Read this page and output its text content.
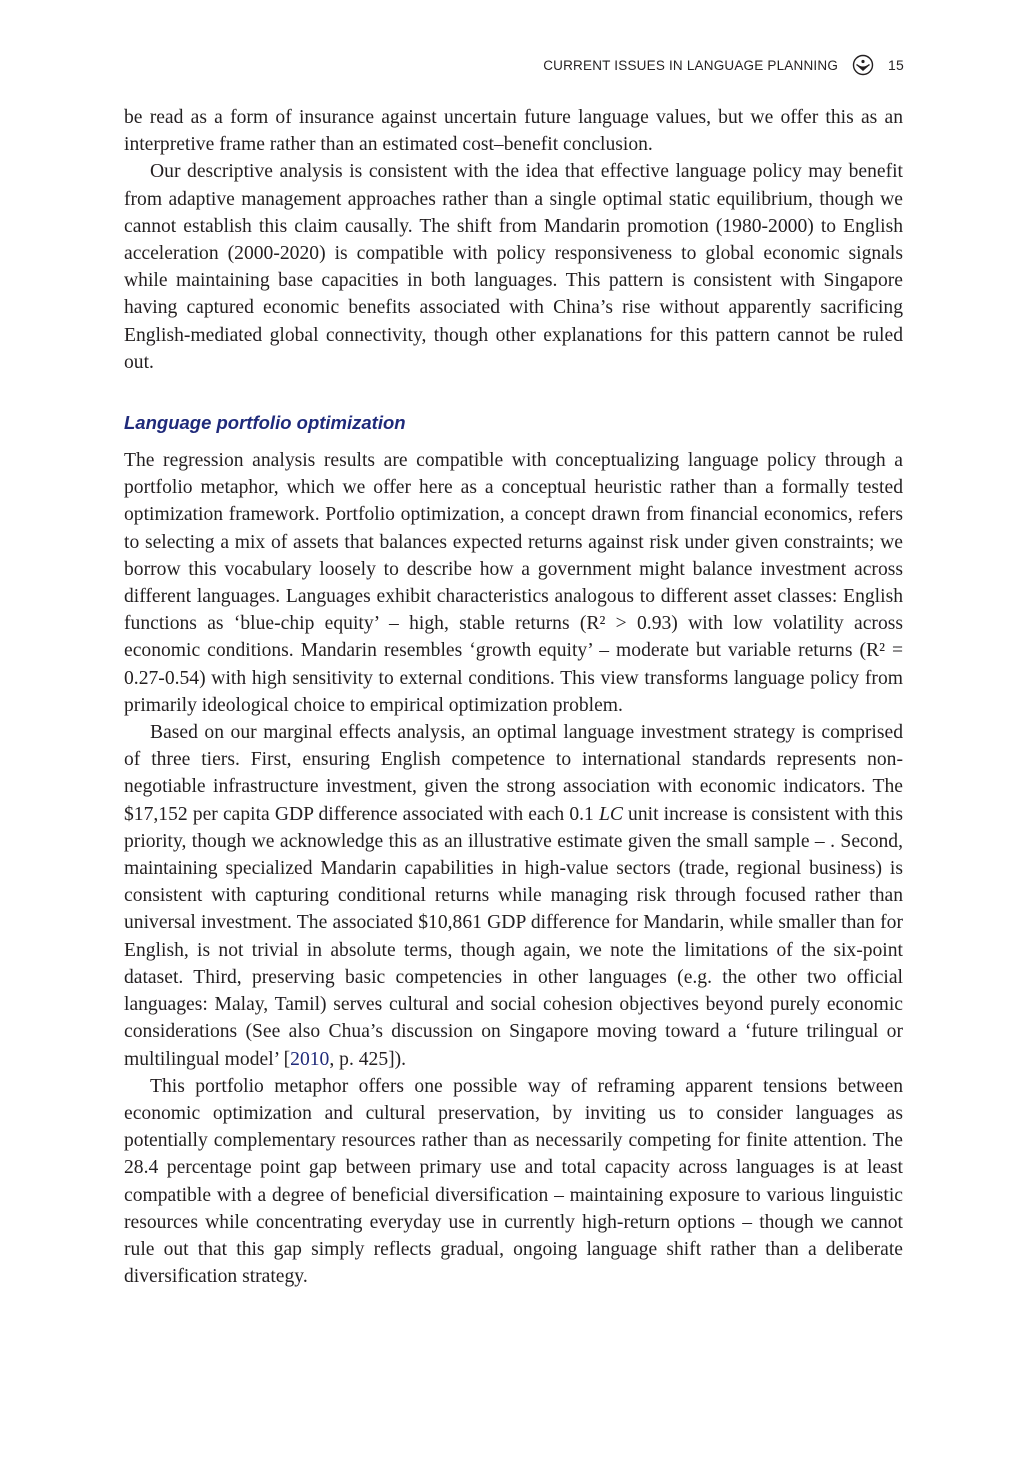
CURRENT ISSUES IN LANGUAGE PLANNING	15

be read as a form of insurance against uncertain future language values, but we offer this as an interpretive frame rather than an estimated cost–benefit conclusion.

Our descriptive analysis is consistent with the idea that effective language policy may benefit from adaptive management approaches rather than a single optimal static equilibrium, though we cannot establish this claim causally. The shift from Mandarin promotion (1980-2000) to English acceleration (2000-2020) is compatible with policy responsiveness to global economic signals while maintaining base capacities in both languages. This pattern is consistent with Singapore having captured economic benefits associated with China’s rise without apparently sacrificing English-mediated global connectivity, though other explanations for this pattern cannot be ruled out.

Language portfolio optimization

The regression analysis results are compatible with conceptualizing language policy through a portfolio metaphor, which we offer here as a conceptual heuristic rather than a formally tested optimization framework. Portfolio optimization, a concept drawn from financial economics, refers to selecting a mix of assets that balances expected returns against risk under given constraints; we borrow this vocabulary loosely to describe how a government might balance investment across different languages. Languages exhibit characteristics analogous to different asset classes: English functions as ‘blue-chip equity’ – high, stable returns (R² > 0.93) with low volatility across economic conditions. Mandarin resembles ‘growth equity’ – moderate but variable returns (R² = 0.27-0.54) with high sensitivity to external conditions. This view transforms language policy from primarily ideological choice to empirical optimization problem.

Based on our marginal effects analysis, an optimal language investment strategy is comprised of three tiers. First, ensuring English competence to international standards represents non-negotiable infrastructure investment, given the strong association with economic indicators. The $17,152 per capita GDP difference associated with each 0.1 LC unit increase is consistent with this priority, though we acknowledge this as an illustrative estimate given the small sample – . Second, maintaining specialized Mandarin capabilities in high-value sectors (trade, regional business) is consistent with capturing conditional returns while managing risk through focused rather than universal investment. The associated $10,861 GDP difference for Mandarin, while smaller than for English, is not trivial in absolute terms, though again, we note the limitations of the six-point dataset. Third, preserving basic competencies in other languages (e.g. the other two official languages: Malay, Tamil) serves cultural and social cohesion objectives beyond purely economic considerations (See also Chua’s discussion on Singapore moving toward a ‘future trilingual or multilingual model’ [2010, p. 425]).

This portfolio metaphor offers one possible way of reframing apparent tensions between economic optimization and cultural preservation, by inviting us to consider languages as potentially complementary resources rather than as necessarily competing for finite attention. The 28.4 percentage point gap between primary use and total capacity across languages is at least compatible with a degree of beneficial diversification – maintaining exposure to various linguistic resources while concentrating everyday use in currently high-return options – though we cannot rule out that this gap simply reflects gradual, ongoing language shift rather than a deliberate diversification strategy.
